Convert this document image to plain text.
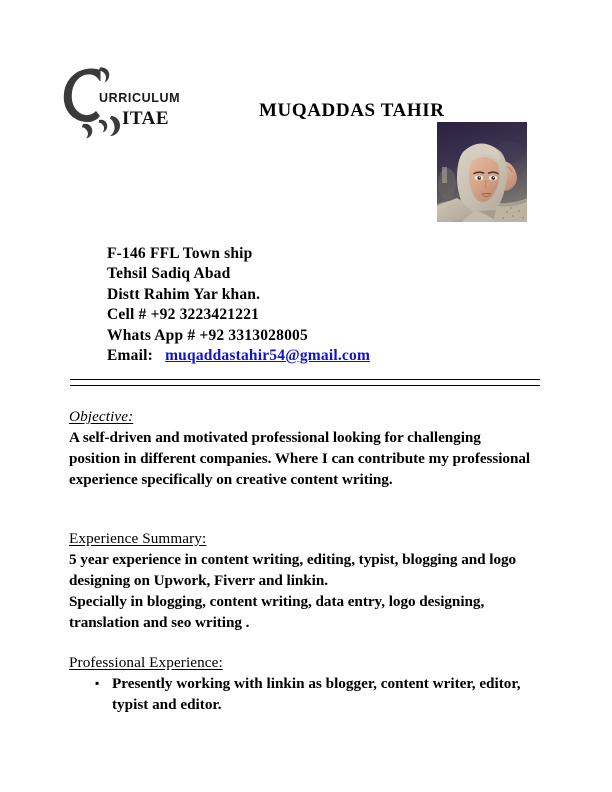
URRICULUM
ITAE	MUQADDAS TAHIR
F-146 FFL Town ship
Tehsil Sadiq Abad
Distt Rahim Yar khan.
Cell # +92 3223421221
Whats App # +92 3313028005
Email: muqaddastahir54@gmail.com
Objective:

A self-driven and motivated professional looking for challenging position in different companies. Where I can contribute my professional experience specifically on creative content writing.

Experience Summary:

5 year experience in content writing, editing, typist, blogging and logo designing on Upwork, Fiverr and linkin.

Specially in blogging, content writing, data entry, logo designing, translation and seo writing .

Professional Experience:
▪ Presently working with linkin as blogger, content writer, editor, typist and editor.
